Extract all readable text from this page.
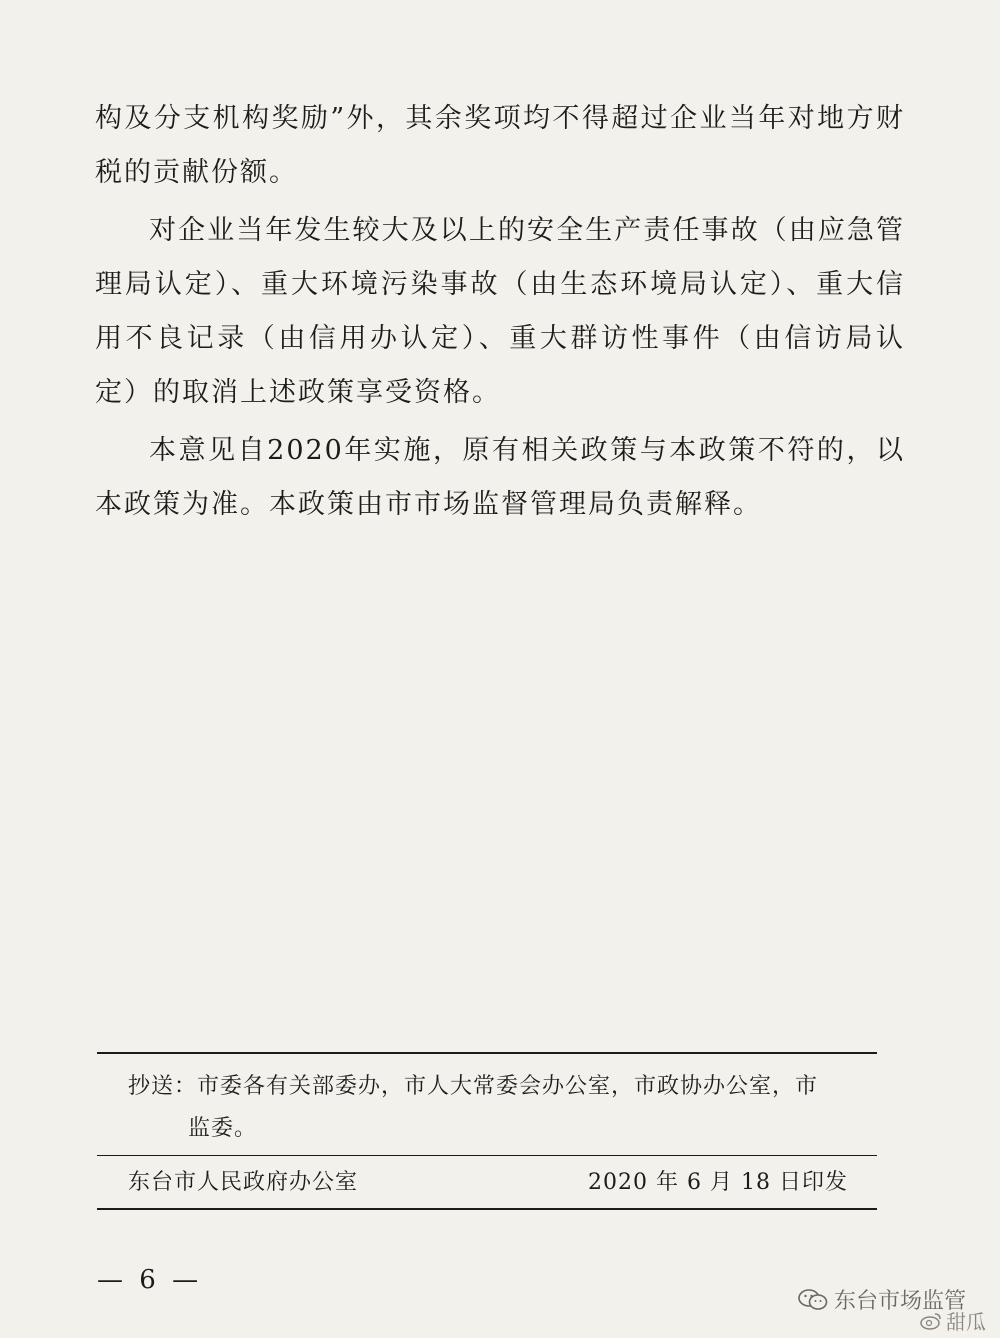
构及分支机构奖励”外，其余奖项均不得超过企业当年对地方财税的贡献份额。

对企业当年发生较大及以上的安全生产责任事故（由应急管理局认定）、重大环境污染事故（由生态环境局认定）、重大信用不良记录（由信用办认定）、重大群访性事件（由信访局认定）的取消上述政策享受资格。

本意见自2020年实施，原有相关政策与本政策不符的，以本政策为准。本政策由市市场监督管理局负责解释。

抄送：市委各有关部委办，市人大常委会办公室，市政协办公室，市
监委。
东台市人民政府办公室	2020 年 6 月 18 日印发
— 6 —
东台市场监管
甜瓜
